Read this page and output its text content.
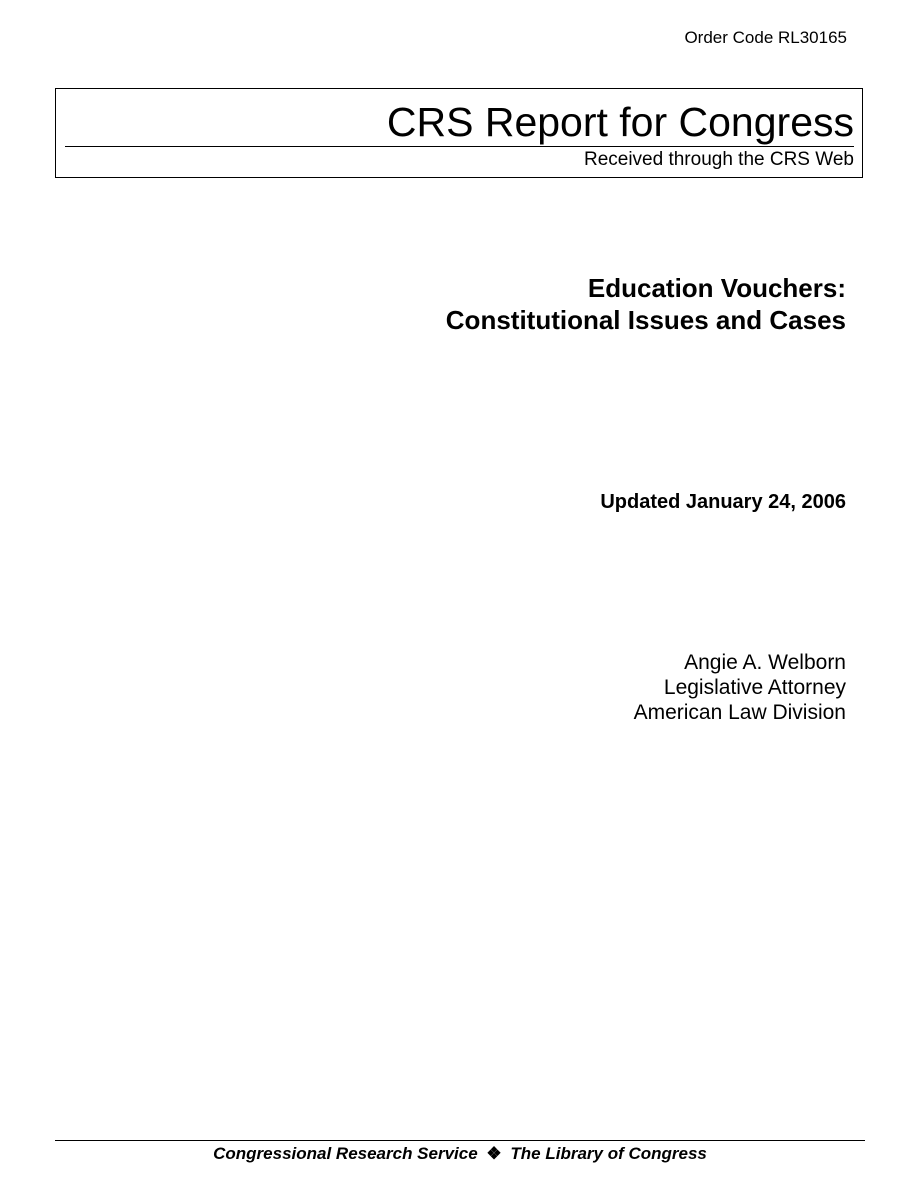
Order Code RL30165
CRS Report for Congress
Received through the CRS Web
Education Vouchers:
Constitutional Issues and Cases
Updated January 24, 2006
Angie A. Welborn
Legislative Attorney
American Law Division
Congressional Research Service ❖ The Library of Congress
